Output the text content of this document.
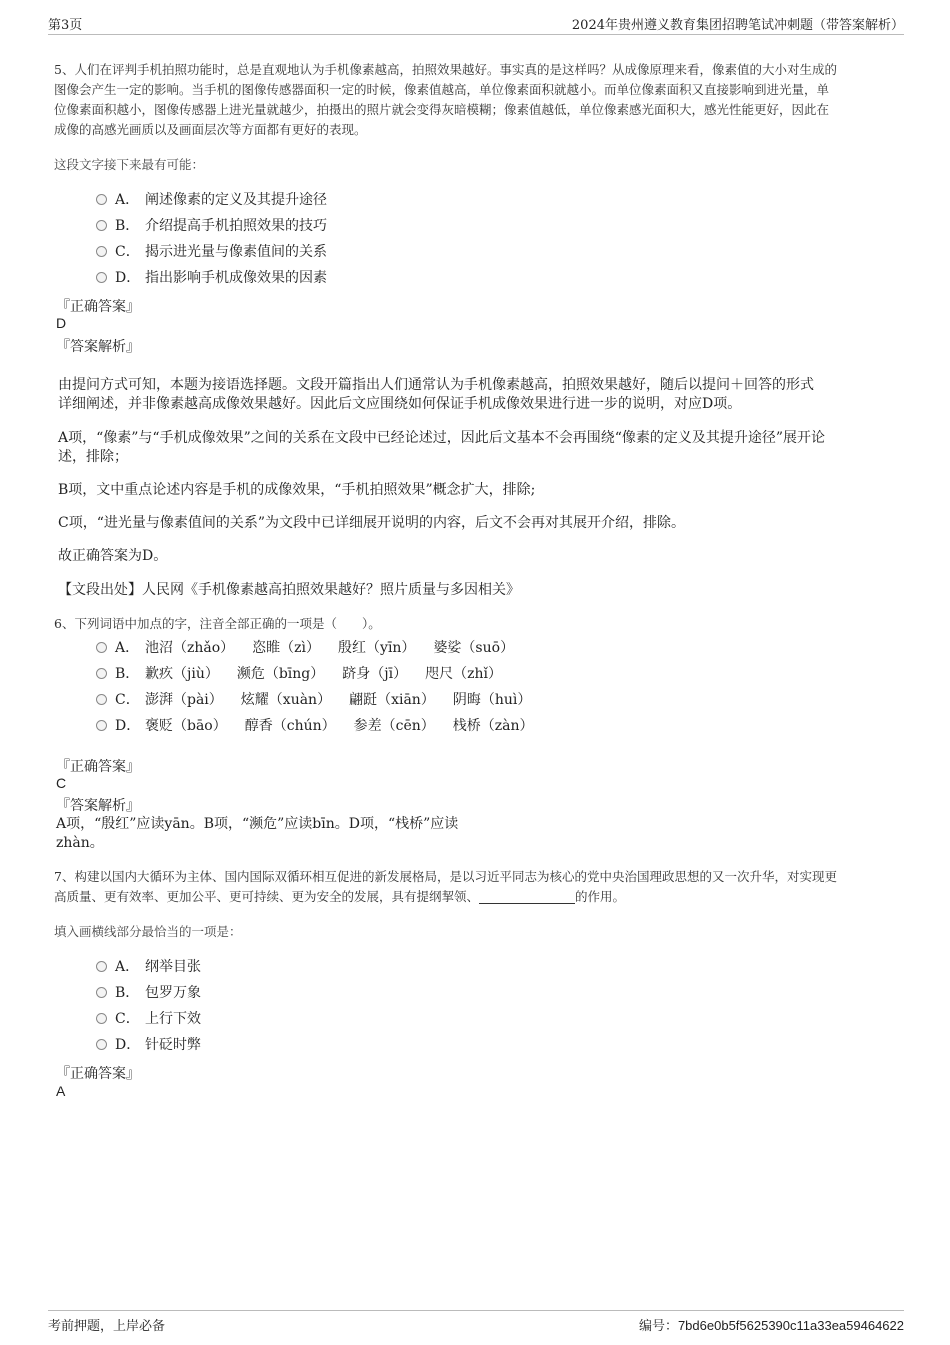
第3页	2024年贵州遵义教育集团招聘笔试冲刺题（带答案解析）
5、人们在评判手机拍照功能时，总是直观地认为手机像素越高，拍照效果越好。事实真的是这样吗？从成像原理来看，像素值的大小对生成的
图像会产生一定的影响。当手机的图像传感器面积一定的时候，像素值越高，单位像素面积就越小。而单位像素面积又直接影响到进光量，单
位像素面积越小，图像传感器上进光量就越少，拍摄出的照片就会变得灰暗模糊；像素值越低，单位像素感光面积大，感光性能更好，因此在
成像的高感光画质以及画面层次等方面都有更好的表现。
这段文字接下来最有可能：
A． 阐述像素的定义及其提升途径
B． 介绍提高手机拍照效果的技巧
C． 揭示进光量与像素值间的关系
D． 指出影响手机成像效果的因素
『正确答案』
D
『答案解析』
由提问方式可知，本题为接语选择题。文段开篇指出人们通常认为手机像素越高，拍照效果越好，随后以提问＋回答的形式
详细阐述，并非像素越高成像效果越好。因此后文应围绕如何保证手机成像效果进行进一步的说明，对应D项。
A项，“像素”与“手机成像效果”之间的关系在文段中已经论述过，因此后文基本不会再围绕“像素的定义及其提升途径”展开论
述，排除；
B项，文中重点论述内容是手机的成像效果，“手机拍照效果”概念扩大，排除;
C项，“进光量与像素值间的关系”为文段中已详细展开说明的内容，后文不会再对其展开介绍，排除。
故正确答案为D。
【文段出处】人民网《手机像素越高拍照效果越好？照片质量与多因相关》
6、下列词语中加点的字，注音全部正确的一项是（　　）。
A． 池沼（zhǎo） 恣睢（zì） 殷红（yīn） 婆娑（suō）
B． 歉疚（jiù） 濒危（bīng） 跻身（jī） 咫尺（zhǐ）
C． 澎湃（pài） 炫耀（xuàn） 翩跹（xiān） 阴晦（huì）
D． 褒贬（bāo） 醇香（chún） 参差（cēn） 栈桥（zàn）
『正确答案』
C
『答案解析』
A项，“殷红”应读yān。B项，“濒危”应读bīn。D项，“栈桥”应读
zhàn。
7、构建以国内大循环为主体、国内国际双循环相互促进的新发展格局，是以习近平同志为核心的党中央治国理政思想的又一次升华，对实现更
高质量、更有效率、更加公平、更可持续、更为安全的发展，具有提纲挈领、	的作用。
填入画横线部分最恰当的一项是：
A． 纲举目张
B． 包罗万象
C． 上行下效
D． 针砭时弊
『正确答案』
A
考前押题，上岸必备	编号：7bd6e0b5f5625390c11a33ea59464622
